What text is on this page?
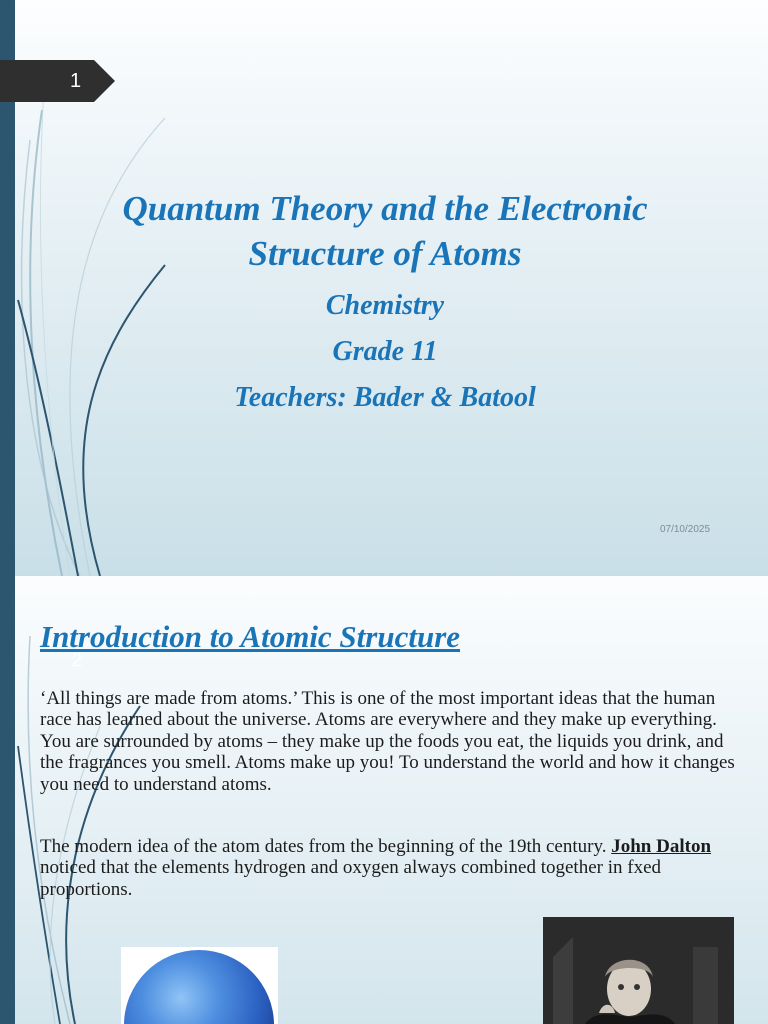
1
Quantum Theory and the Electronic Structure of Atoms
Chemistry
Grade 11
Teachers: Bader & Batool
07/10/2025
Introduction to Atomic Structure
2
‘All things are made from atoms.’ This is one of the most important ideas that the human race has learned about the universe. Atoms are everywhere and they make up everything. You are surrounded by atoms – they make up the foods you eat, the liquids you drink, and the fragrances you smell. Atoms make up you! To understand the world and how it changes you need to understand atoms.
The modern idea of the atom dates from the beginning of the 19th century. John Dalton noticed that the elements hydrogen and oxygen always combined together in fxed proportions.
